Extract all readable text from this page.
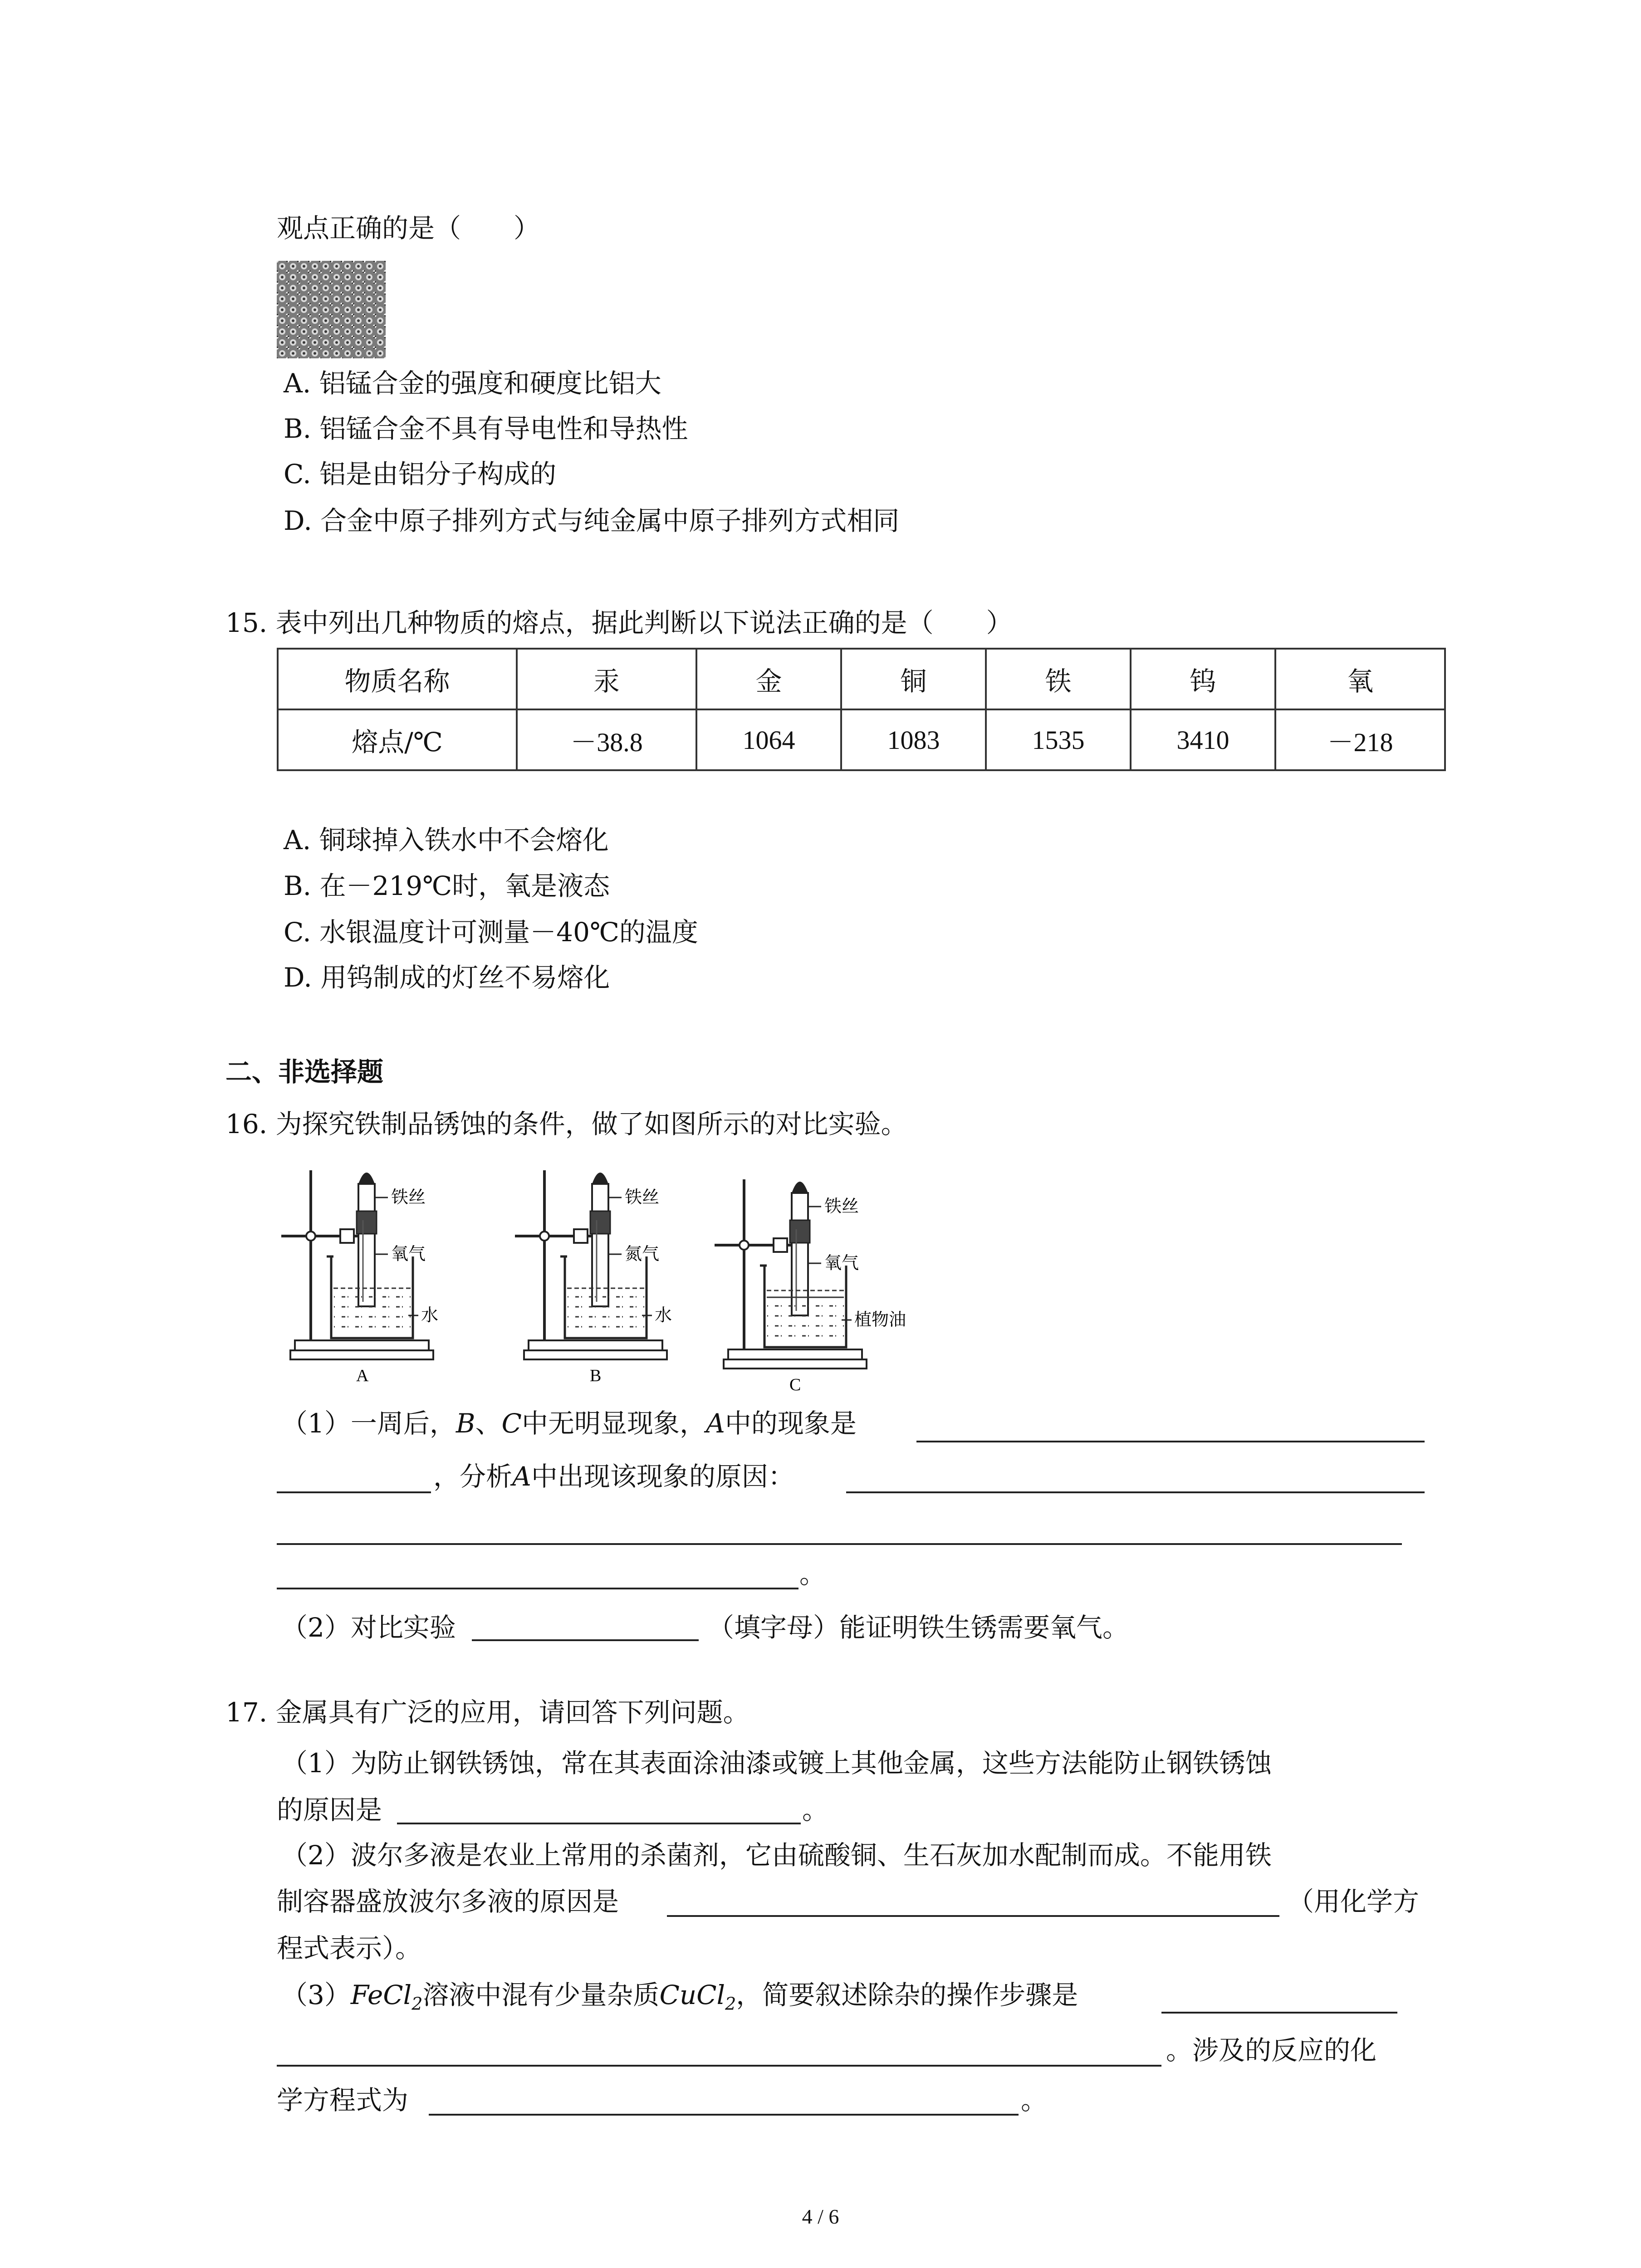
观点正确的是（　　）
A. 铝锰合金的强度和硬度比铝大
B. 铝锰合金不具有导电性和导热性
C. 铝是由铝分子构成的
D. 合金中原子排列方式与纯金属中原子排列方式相同
15. 表中列出几种物质的熔点，据此判断以下说法正确的是（　　）
物质名称	汞	金	铜	铁	钨	氧
熔点/℃	－38.8	1064	1083	1535	3410	－218
A. 铜球掉入铁水中不会熔化
B. 在－219℃时，氧是液态
C. 水银温度计可测量－40℃的温度
D. 用钨制成的灯丝不易熔化
二、非选择题
16. 为探究铁制品锈蚀的条件，做了如图所示的对比实验。
铁丝
氧气
水
A
铁丝
氮气
水
B
铁丝
氧气
植物油
C
（1）一周后，B、C中无明显现象，A中的现象是
，分析A中出现该现象的原因：
。
（2）对比实验	（填字母）能证明铁生锈需要氧气。
17. 金属具有广泛的应用，请回答下列问题。
（1）为防止钢铁锈蚀，常在其表面涂油漆或镀上其他金属，这些方法能防止钢铁锈蚀
的原因是	。
（2）波尔多液是农业上常用的杀菌剂，它由硫酸铜、生石灰加水配制而成。不能用铁
制容器盛放波尔多液的原因是	（用化学方
程式表示）。
（3）FeCl$_2$溶液中混有少量杂质CuCl$_2$，简要叙述除杂的操作步骤是
。涉及的反应的化
学方程式为	。
4 / 6
